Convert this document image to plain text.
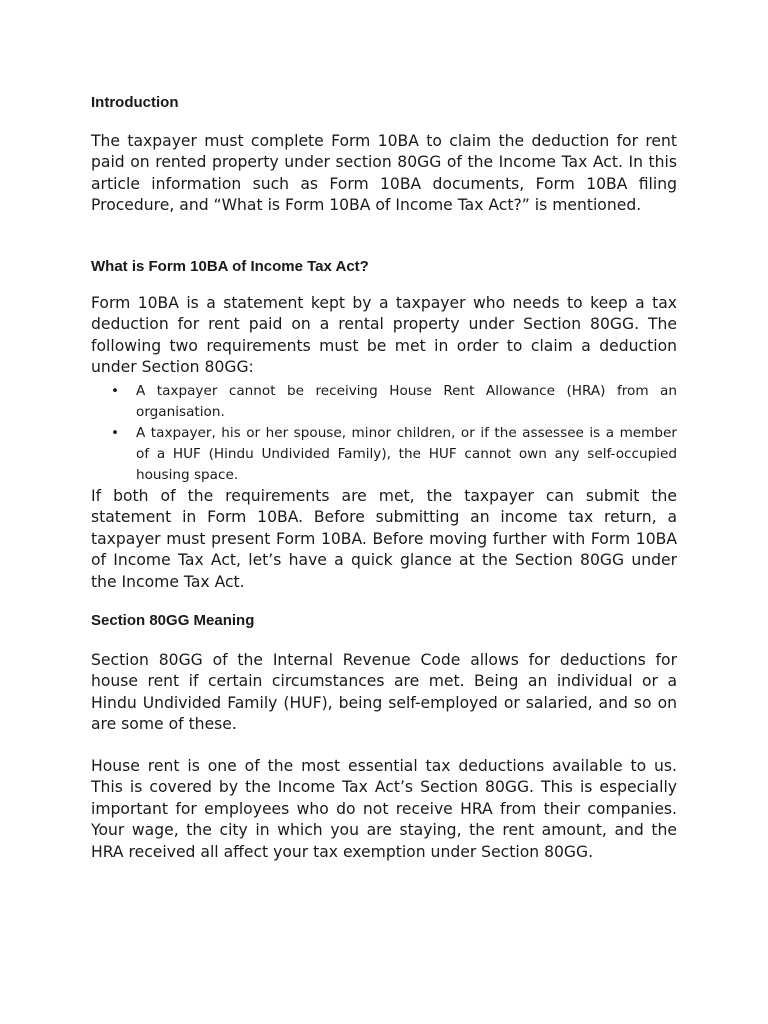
Introduction

The taxpayer must complete Form 10BA to claim the deduction for rent paid on rented property under section 80GG of the Income Tax Act. In this article information such as Form 10BA documents, Form 10BA filing Procedure, and “What is Form 10BA of Income Tax Act?” is mentioned.

What is Form 10BA of Income Tax Act?

Form 10BA is a statement kept by a taxpayer who needs to keep a tax deduction for rent paid on a rental property under Section 80GG. The following two requirements must be met in order to claim a deduction under Section 80GG:

• A taxpayer cannot be receiving House Rent Allowance (HRA) from an organisation.
• A taxpayer, his or her spouse, minor children, or if the assessee is a member of a HUF (Hindu Undivided Family), the HUF cannot own any self-occupied housing space.

If both of the requirements are met, the taxpayer can submit the statement in Form 10BA. Before submitting an income tax return, a taxpayer must present Form 10BA. Before moving further with Form 10BA of Income Tax Act, let’s have a quick glance at the Section 80GG under the Income Tax Act.

Section 80GG Meaning

Section 80GG of the Internal Revenue Code allows for deductions for house rent if certain circumstances are met. Being an individual or a Hindu Undivided Family (HUF), being self-employed or salaried, and so on are some of these.

House rent is one of the most essential tax deductions available to us. This is covered by the Income Tax Act’s Section 80GG. This is especially important for employees who do not receive HRA from their companies. Your wage, the city in which you are staying, the rent amount, and the HRA received all affect your tax exemption under Section 80GG.
